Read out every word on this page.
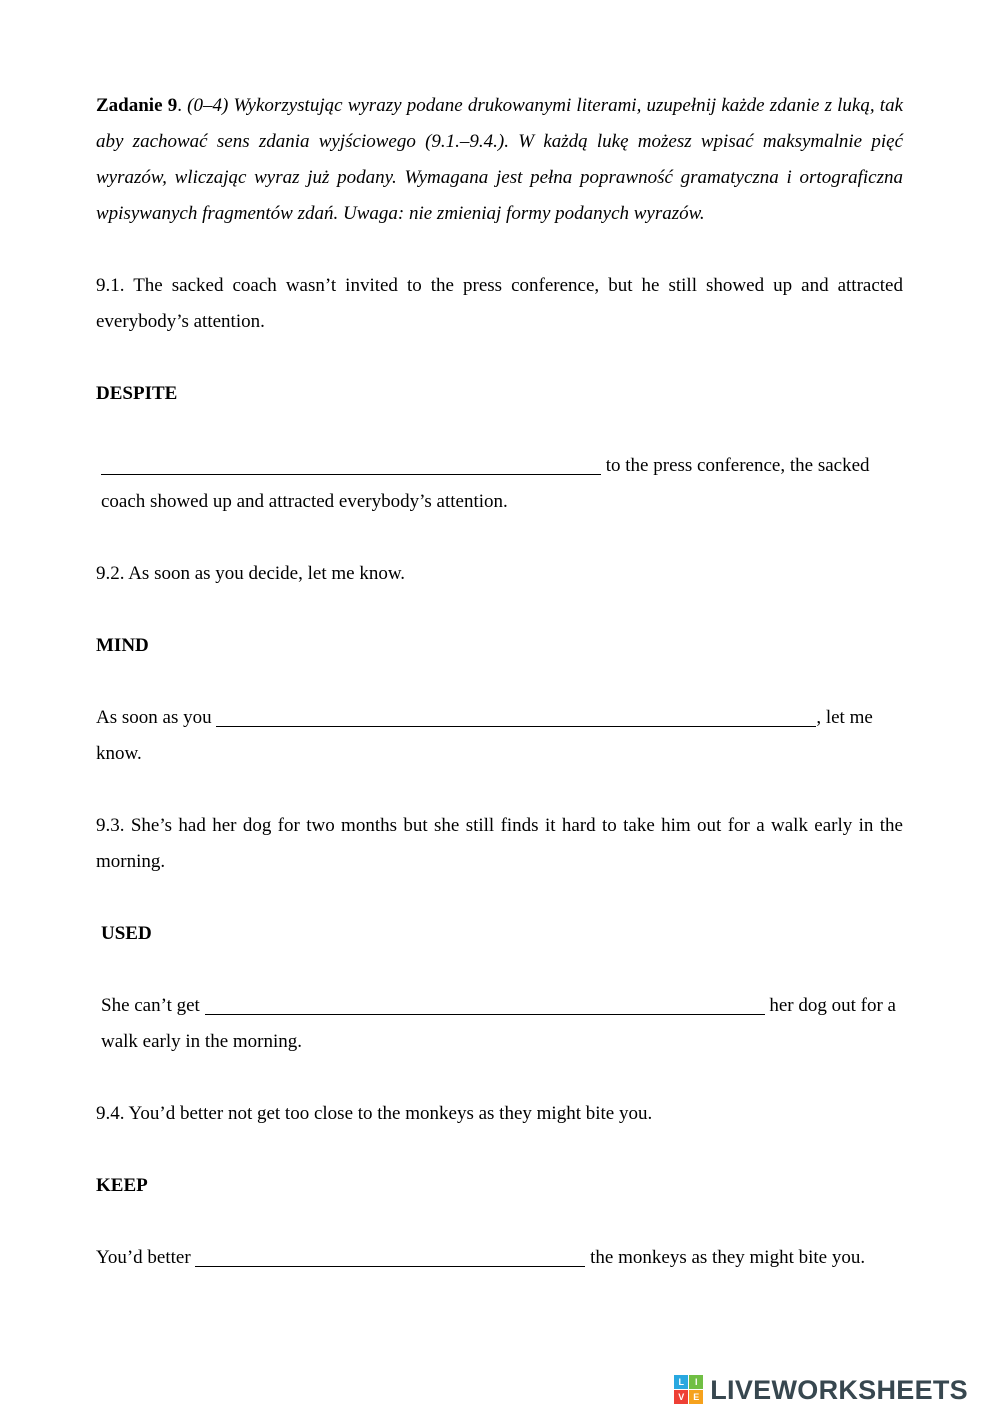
Zadanie 9. (0–4) Wykorzystując wyrazy podane drukowanymi literami, uzupełnij każde zdanie z luką, tak aby zachować sens zdania wyjściowego (9.1.–9.4.). W każdą lukę możesz wpisać maksymalnie pięć wyrazów, wliczając wyraz już podany. Wymagana jest pełna poprawność gramatyczna i ortograficzna wpisywanych fragmentów zdań. Uwaga: nie zmieniaj formy podanych wyrazów.

9.1. The sacked coach wasn’t invited to the press conference, but he still showed up and attracted everybody’s attention.

DESPITE

to the press conference, the sacked coach showed up and attracted everybody’s attention.

9.2. As soon as you decide, let me know.

MIND

As soon as you	, let me know.

9.3. She’s had her dog for two months but she still finds it hard to take him out for a walk early in the morning.

USED

She can’t get	her dog out for a walk early in the morning.

9.4. You’d better not get too close to the monkeys as they might bite you.

KEEP

You’d better	the monkeys as they might bite you.

L	I
V E LIVEWORKSHEETS
